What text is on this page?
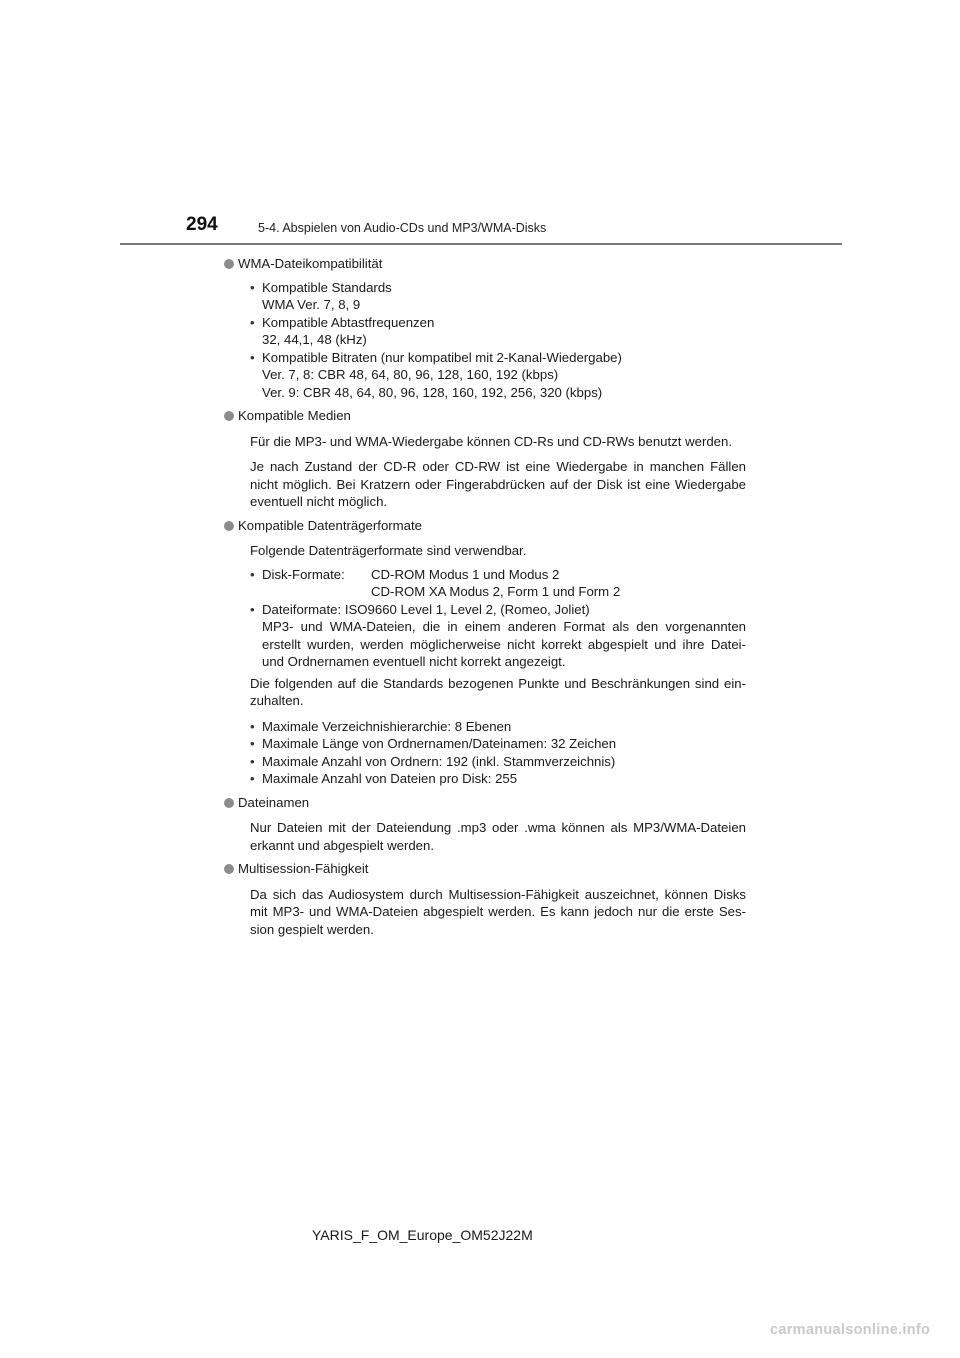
294	5-4. Abspielen von Audio-CDs und MP3/WMA-Disks
WMA-Dateikompatibilität
• Kompatible Standards
WMA Ver. 7, 8, 9
• Kompatible Abtastfrequenzen
32, 44,1, 48 (kHz)
• Kompatible Bitraten (nur kompatibel mit 2-Kanal-Wiedergabe)
Ver. 7, 8: CBR 48, 64, 80, 96, 128, 160, 192 (kbps)
Ver. 9: CBR 48, 64, 80, 96, 128, 160, 192, 256, 320 (kbps)
Kompatible Medien

Für die MP3- und WMA-Wiedergabe können CD-Rs und CD-RWs benutzt werden.

Je nach Zustand der CD-R oder CD-RW ist eine Wiedergabe in manchen Fällen nicht möglich. Bei Kratzern oder Fingerabdrücken auf der Disk ist eine Wiedergabe eventuell nicht möglich.

Kompatible Datenträgerformate

Folgende Datenträgerformate sind verwendbar.

• Disk-Formate:	CD-ROM Modus 1 und Modus 2
CD-ROM XA Modus 2, Form 1 und Form 2
• Dateiformate: ISO9660 Level 1, Level 2, (Romeo, Joliet)
MP3- und WMA-Dateien, die in einem anderen Format als den vorgenannten erstellt wurden, werden möglicherweise nicht korrekt abgespielt und ihre Datei- und Ordnernamen eventuell nicht korrekt angezeigt.

Die folgenden auf die Standards bezogenen Punkte und Beschränkungen sind ein-zuhalten.

• Maximale Verzeichnishierarchie: 8 Ebenen
• Maximale Länge von Ordnernamen/Dateinamen: 32 Zeichen
• Maximale Anzahl von Ordnern: 192 (inkl. Stammverzeichnis)
• Maximale Anzahl von Dateien pro Disk: 255
Dateinamen

Nur Dateien mit der Dateiendung .mp3 oder .wma können als MP3/WMA-Dateien erkannt und abgespielt werden.

Multisession-Fähigkeit

Da sich das Audiosystem durch Multisession-Fähigkeit auszeichnet, können Disks mit MP3- und WMA-Dateien abgespielt werden. Es kann jedoch nur die erste Ses-sion gespielt werden.

YARIS_F_OM_Europe_OM52J22M
carmanualsonline.info
